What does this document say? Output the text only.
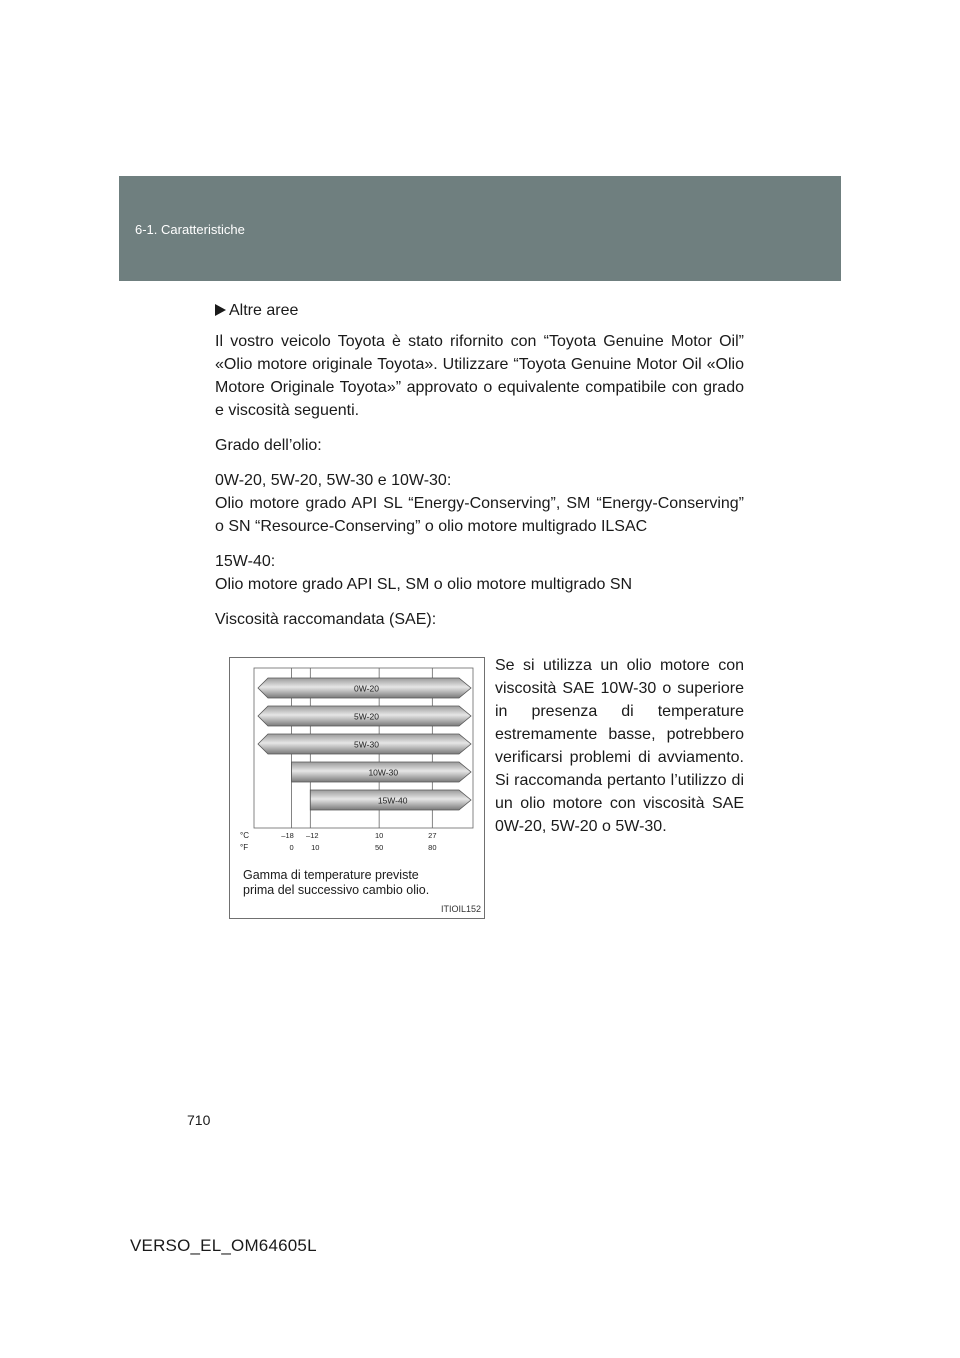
6-1. Caratteristiche
Altre aree

Il vostro veicolo Toyota è stato rifornito con “Toyota Genuine Motor Oil” «Olio motore originale Toyota». Utilizzare “Toyota Genuine Motor Oil «Olio Motore Originale Toyota»” approvato o equivalente compatibile con grado e viscosità seguenti.

Grado dell’olio:

0W-20, 5W-20, 5W-30 e 10W-30:
Olio motore grado API SL “Energy-Conserving”, SM “Energy-Conserving” o SN “Resource-Conserving” o olio motore multigrado ILSAC

15W-40:
Olio motore grado API SL, SM o olio motore multigrado SN

Viscosità raccomandata (SAE):

0W-20
5W-20
5W-30
10W-30
15W-40
°C
°F
–18
0
–12
10
10
50
27
80
Gamma di temperature previste
prima del successivo cambio olio.
ITIOIL152
Se si utilizza un olio motore con viscosità SAE 10W-30 o superiore in presenza di temperature estremamente basse, potrebbero verificarsi problemi di avviamento. Si raccomanda pertanto l’utilizzo di un olio motore con viscosità SAE 0W-20, 5W-20 o 5W-30.
710
VERSO_EL_OM64605L
